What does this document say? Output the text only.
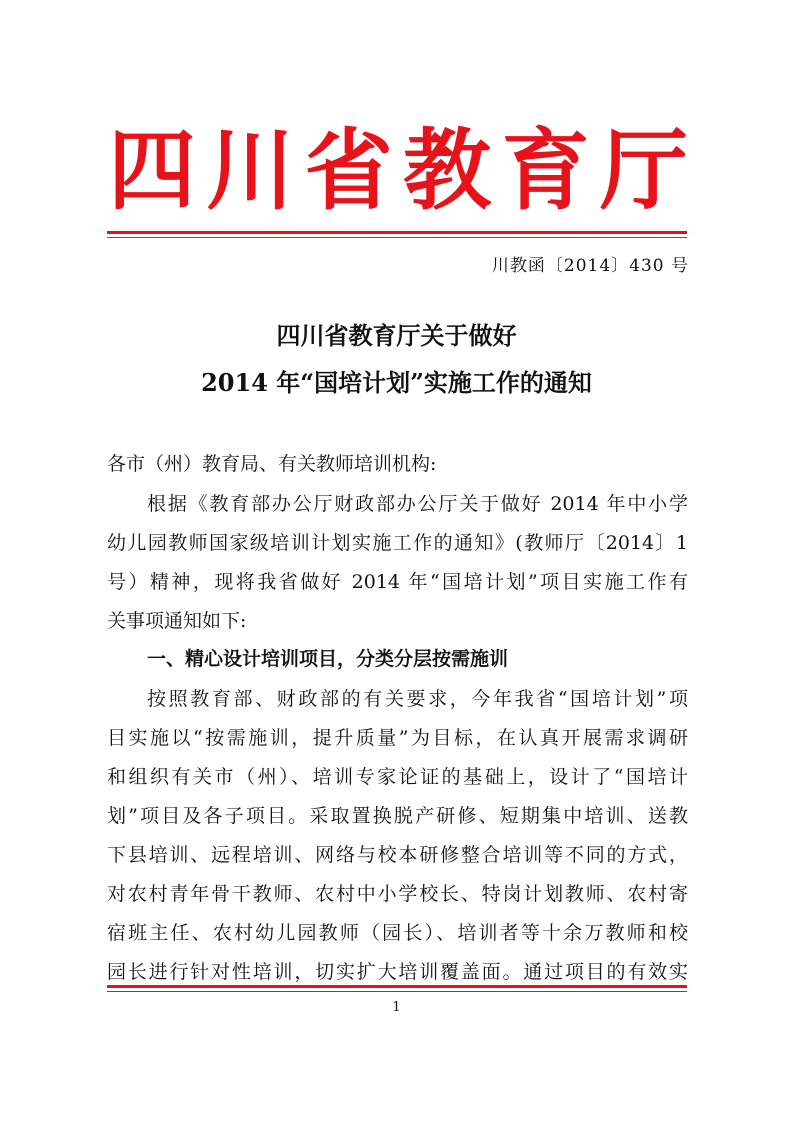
四 川 省 教 育 厅
川教函〔2014〕430 号
四川省教育厅关于做好
2014 年“国培计划”实施工作的通知
各市（州）教育局、有关教师培训机构:
根据《教育部办公厅财政部办公厅关于做好 2014 年中小学
幼儿园教师国家级培训计划实施工作的通知》(教师厅〔2014〕1
号）精神，现将我省做好 2014 年“国培计划”项目实施工作有
关事项通知如下:
一、精心设计培训项目，分类分层按需施训
按照教育部、财政部的有关要求，今年我省“国培计划”项
目实施以“按需施训，提升质量”为目标，在认真开展需求调研
和组织有关市（州）、培训专家论证的基础上，设计了“国培计
划”项目及各子项目。采取置换脱产研修、短期集中培训、送教
下县培训、远程培训、网络与校本研修整合培训等不同的方式，
对农村青年骨干教师、农村中小学校长、特岗计划教师、农村寄
宿班主任、农村幼儿园教师（园长）、培训者等十余万教师和校
园长进行针对性培训，切实扩大培训覆盖面。通过项目的有效实
1
